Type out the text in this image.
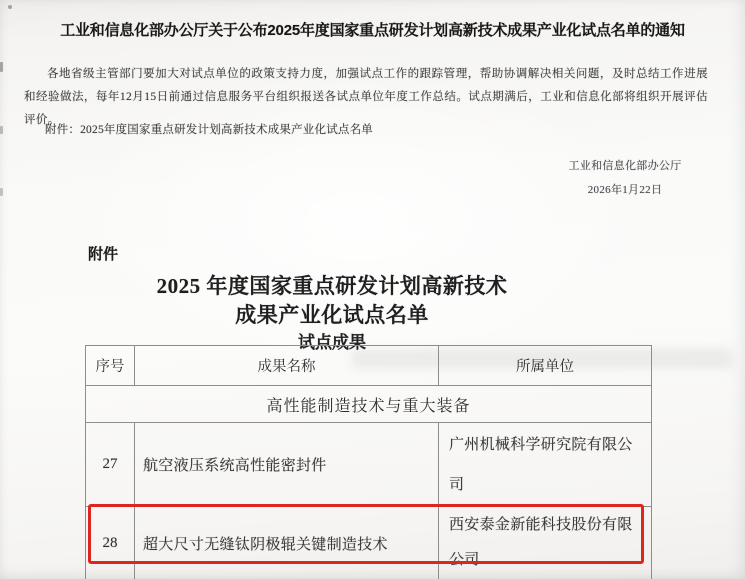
工业和信息化部办公厅关于公布2025年度国家重点研发计划高新技术成果产业化试点名单的通知
各地省级主管部门要加大对试点单位的政策支持力度，加强试点工作的跟踪管理，帮助协调解决相关问题，及时总结工作进展和经验做法，每年12月15日前通过信息服务平台组织报送各试点单位年度工作总结。试点期满后，工业和信息化部将组织开展评估评价。
附件：2025年度国家重点研发计划高新技术成果产业化试点名单
工业和信息化部办公厅
2026年1月22日
附件
2025 年度国家重点研发计划高新技术
成果产业化试点名单
试点成果
序号	成果名称	所属单位
高性能制造技术与重大装备		
27	航空液压系统高性能密封件	广州机械科学研究院有限公司
28	超大尺寸无缝钛阴极辊关键制造技术	西安泰金新能科技股份有限公司
